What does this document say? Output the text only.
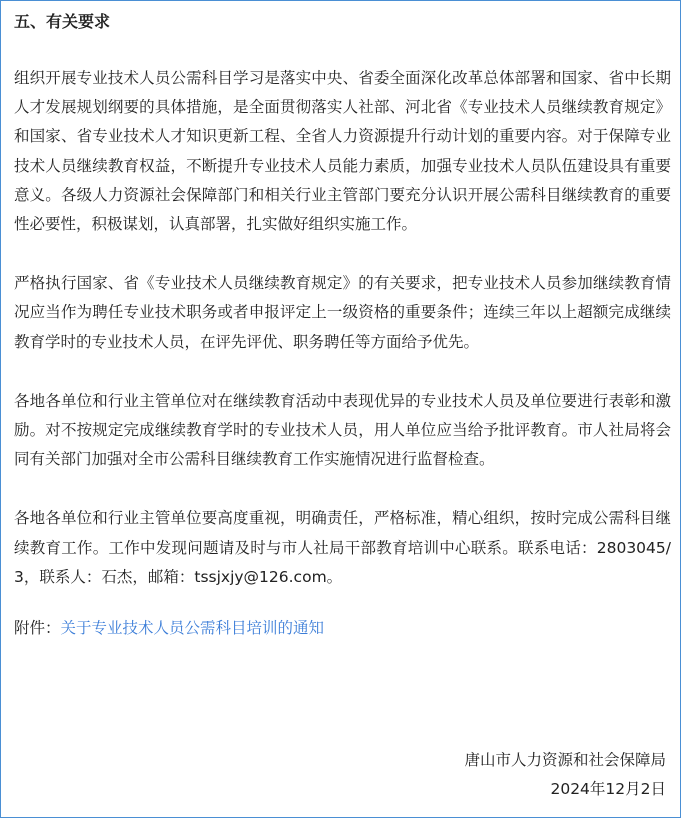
五、有关要求

组织开展专业技术人员公需科目学习是落实中央、省委全面深化改革总体部署和国家、省中长期人才发展规划纲要的具体措施，是全面贯彻落实人社部、河北省《专业技术人员继续教育规定》和国家、省专业技术人才知识更新工程、全省人力资源提升行动计划的重要内容。对于保障专业技术人员继续教育权益，不断提升专业技术人员能力素质，加强专业技术人员队伍建设具有重要意义。各级人力资源社会保障部门和相关行业主管部门要充分认识开展公需科目继续教育的重要性必要性，积极谋划，认真部署，扎实做好组织实施工作。

严格执行国家、省《专业技术人员继续教育规定》的有关要求，把专业技术人员参加继续教育情况应当作为聘任专业技术职务或者申报评定上一级资格的重要条件；连续三年以上超额完成继续教育学时的专业技术人员，在评先评优、职务聘任等方面给予优先。

各地各单位和行业主管单位对在继续教育活动中表现优异的专业技术人员及单位要进行表彰和激励。对不按规定完成继续教育学时的专业技术人员，用人单位应当给予批评教育。市人社局将会同有关部门加强对全市公需科目继续教育工作实施情况进行监督检查。

各地各单位和行业主管单位要高度重视，明确责任，严格标准，精心组织，按时完成公需科目继续教育工作。工作中发现问题请及时与市人社局干部教育培训中心联系。联系电话：2803045/3，联系人：石杰，邮箱：tssjxjy@126.com。

附件：关于专业技术人员公需科目培训的通知
唐山市人力资源和社会保障局
2024年12月2日
